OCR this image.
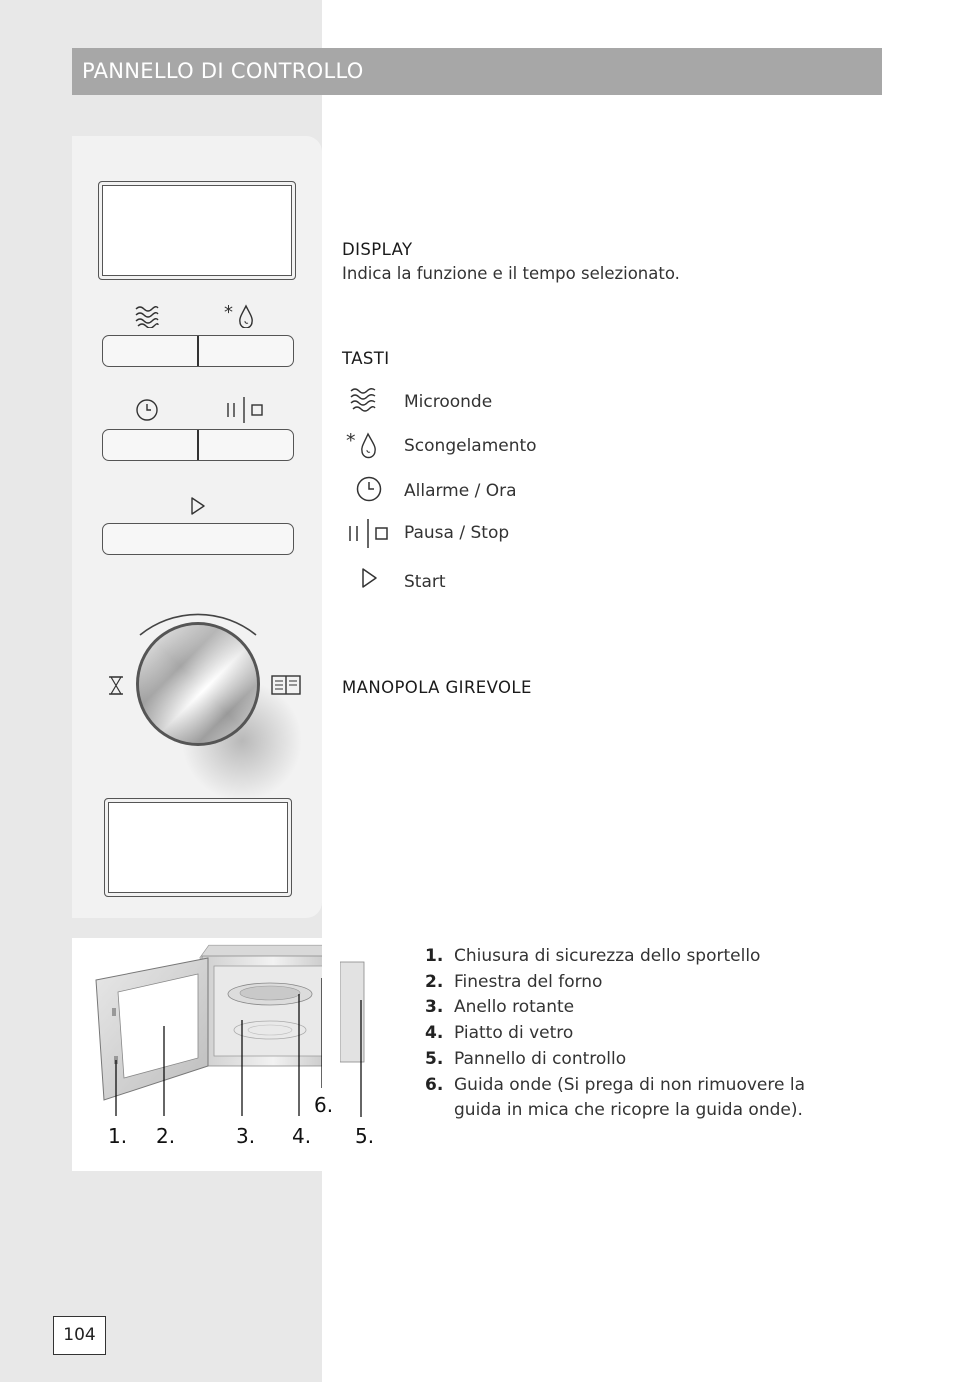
PANNELLO DI CONTROLLO
*
DISPLAY
Indica la funzione e il tempo selezionato.
TASTI
Microonde
*	Scongelamento
Allarme / Ora
Pausa / Stop
Start
MANOPOLA GIREVOLE
1. 2.	3. 4.
6.
5.
1. Chiusura di sicurezza dello sportello
2. Finestra del forno
3. Anello rotante
4. Piatto di vetro
5. Pannello di controllo
6. Guida onde (Si prega di non rimuovere la guida in mica che ricopre la guida onde).
104
